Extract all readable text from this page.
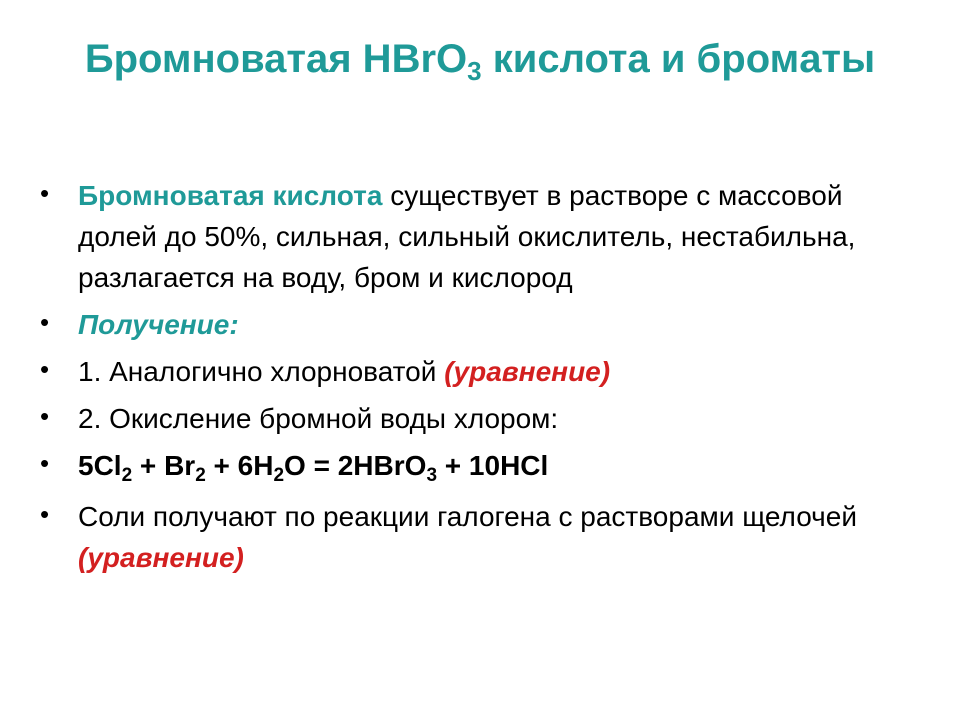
Бромноватая HBrO$_3$ кислота и бромaты
• Бромноватая кислота существует в растворе с массовой долей до 50%, сильная, сильный окислитель, нестабильна, разлагается на воду, бром и кислород
• Получение:
• 1. Аналогично хлорноватой (уравнение)
• 2. Окисление бромной воды хлором:
• $5Cl_2 + Br_2 + 6H_2O$ = 2HBrO$_3$ + 10HCl
• Соли получают по реакции галогена с растворами щелочей (уравнение)
